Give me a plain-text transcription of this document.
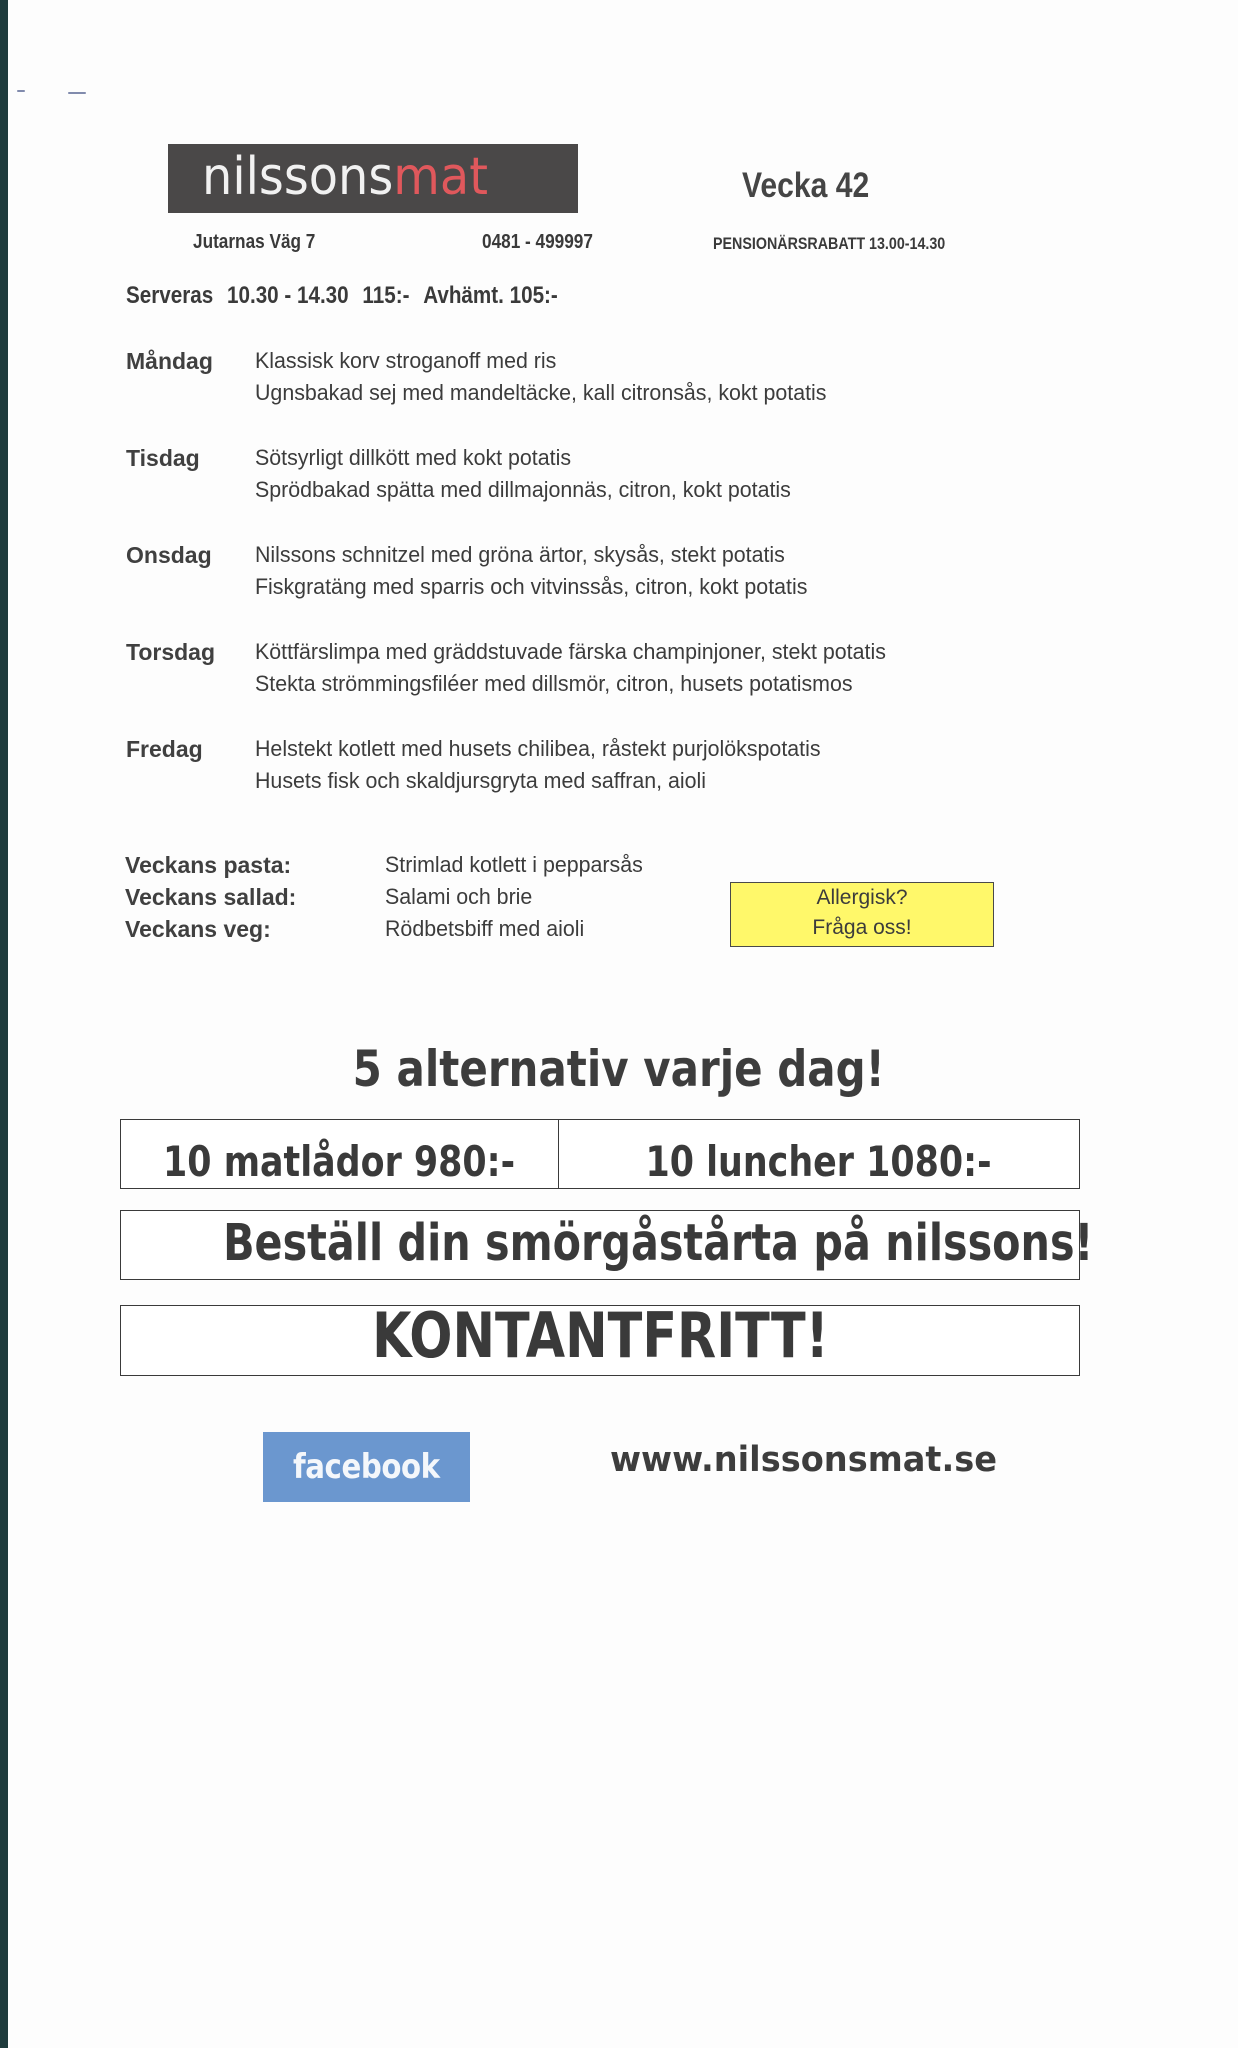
nilssonsmat	Vecka 42
Jutarnas Väg 7	0481 - 499997	PENSIONÄRSRABATT 13.00-14.30
Serveras 10.30 - 14.30 115:- Avhämt. 105:-
Måndag Klassisk korv stroganoff med ris
Ugnsbakad sej med mandeltäcke, kall citronsås, kokt potatis
Tisdag Sötsyrligt dillkött med kokt potatis
Sprödbakad spätta med dillmajonnäs, citron, kokt potatis
Onsdag Nilssons schnitzel med gröna ärtor, skysås, stekt potatis
Fiskgratäng med sparris och vitvinssås, citron, kokt potatis
Torsdag Köttfärslimpa med gräddstuvade färska champinjoner, stekt potatis
Stekta strömmingsfiléer med dillsmör, citron, husets potatismos
Fredag Helstekt kotlett med husets chilibea, råstekt purjolökspotatis
Husets fisk och skaldjursgryta med saffran, aioli
Veckans pasta:	Strimlad kotlett i pepparsås
Veckans sallad:	Salami och brie
Veckans veg:	Rödbetsbiff med aioli
Allergisk?
Fråga oss!
5 alternativ varje dag!
10 matlådor 980:-	10 luncher 1080:-
Beställ din smörgåstårta på nilssons!
KONTANTFRITT!
facebook	www.nilssonsmat.se
